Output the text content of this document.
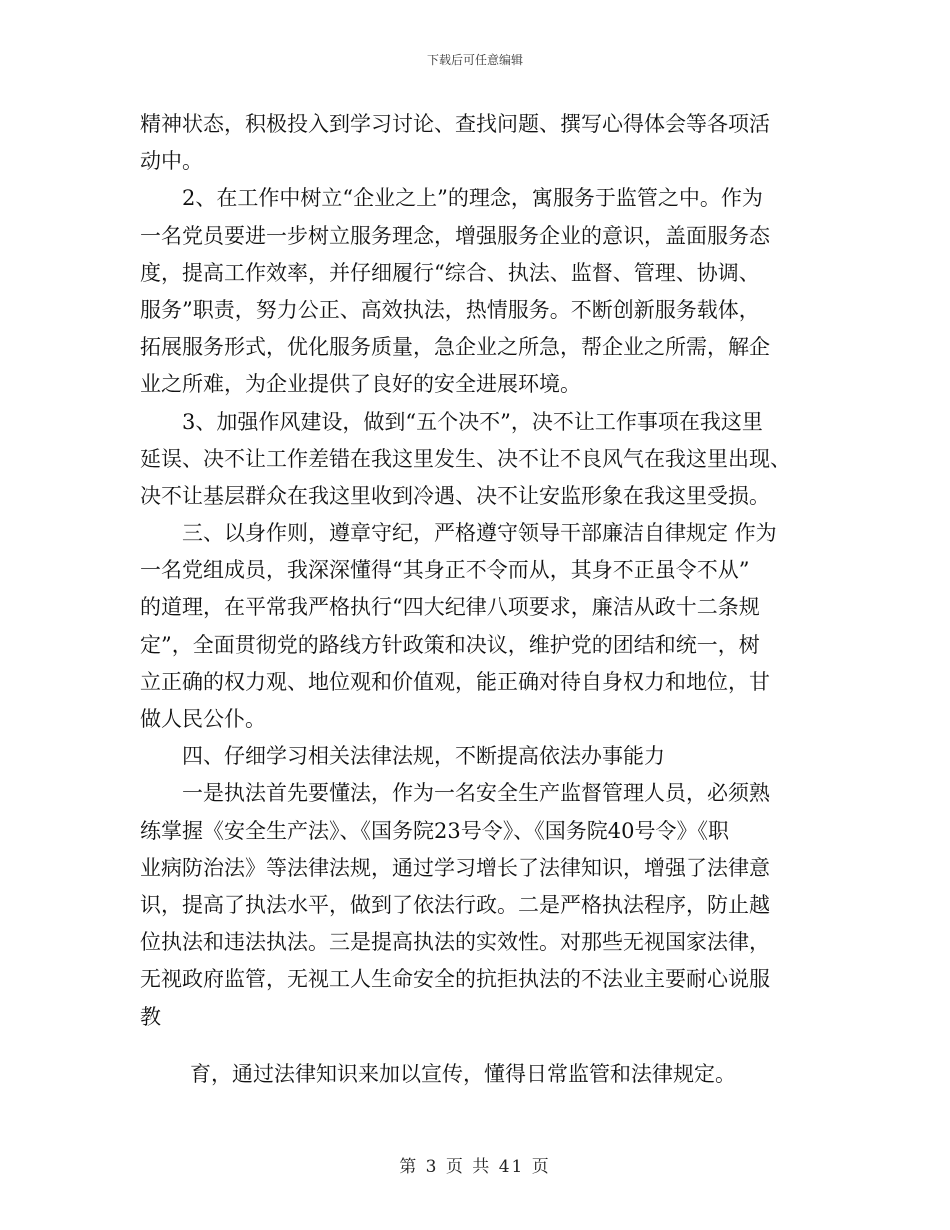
下载后可任意编辑
精神状态，积极投入到学习讨论、查找问题、撰写心得体会等各项活
动中。
2、在工作中树立“企业之上”的理念，寓服务于监管之中。作为
一名党员要进一步树立服务理念，增强服务企业的意识，盖面服务态
度，提高工作效率，并仔细履行“综合、执法、监督、管理、协调、
服务”职责，努力公正、高效执法，热情服务。不断创新服务载体，
拓展服务形式，优化服务质量，急企业之所急，帮企业之所需，解企
业之所难，为企业提供了良好的安全进展环境。
3、加强作风建设，做到“五个决不”，决不让工作事项在我这里
延误、决不让工作差错在我这里发生、决不让不良风气在我这里出现、
决不让基层群众在我这里收到冷遇、决不让安监形象在我这里受损。
三、以身作则，遵章守纪，严格遵守领导干部廉洁自律规定 作为
一名党组成员，我深深懂得“其身正不令而从，其身不正虽令不从”
的道理，在平常我严格执行“四大纪律八项要求，廉洁从政十二条规
定”，全面贯彻党的路线方针政策和决议，维护党的团结和统一，树
立正确的权力观、地位观和价值观，能正确对待自身权力和地位，甘
做人民公仆。
四、仔细学习相关法律法规，不断提高依法办事能力
一是执法首先要懂法，作为一名安全生产监督管理人员，必须熟
练掌握《安全生产法》、《国务院23号令》、《国务院40号令》《职
业病防治法》等法律法规，通过学习增长了法律知识，增强了法律意
识，提高了执法水平，做到了依法行政。二是严格执法程序，防止越
位执法和违法执法。三是提高执法的实效性。对那些无视国家法律，
无视政府监管，无视工人生命安全的抗拒执法的不法业主要耐心说服
教
育，通过法律知识来加以宣传，懂得日常监管和法律规定。
第 3 页 共 41 页
